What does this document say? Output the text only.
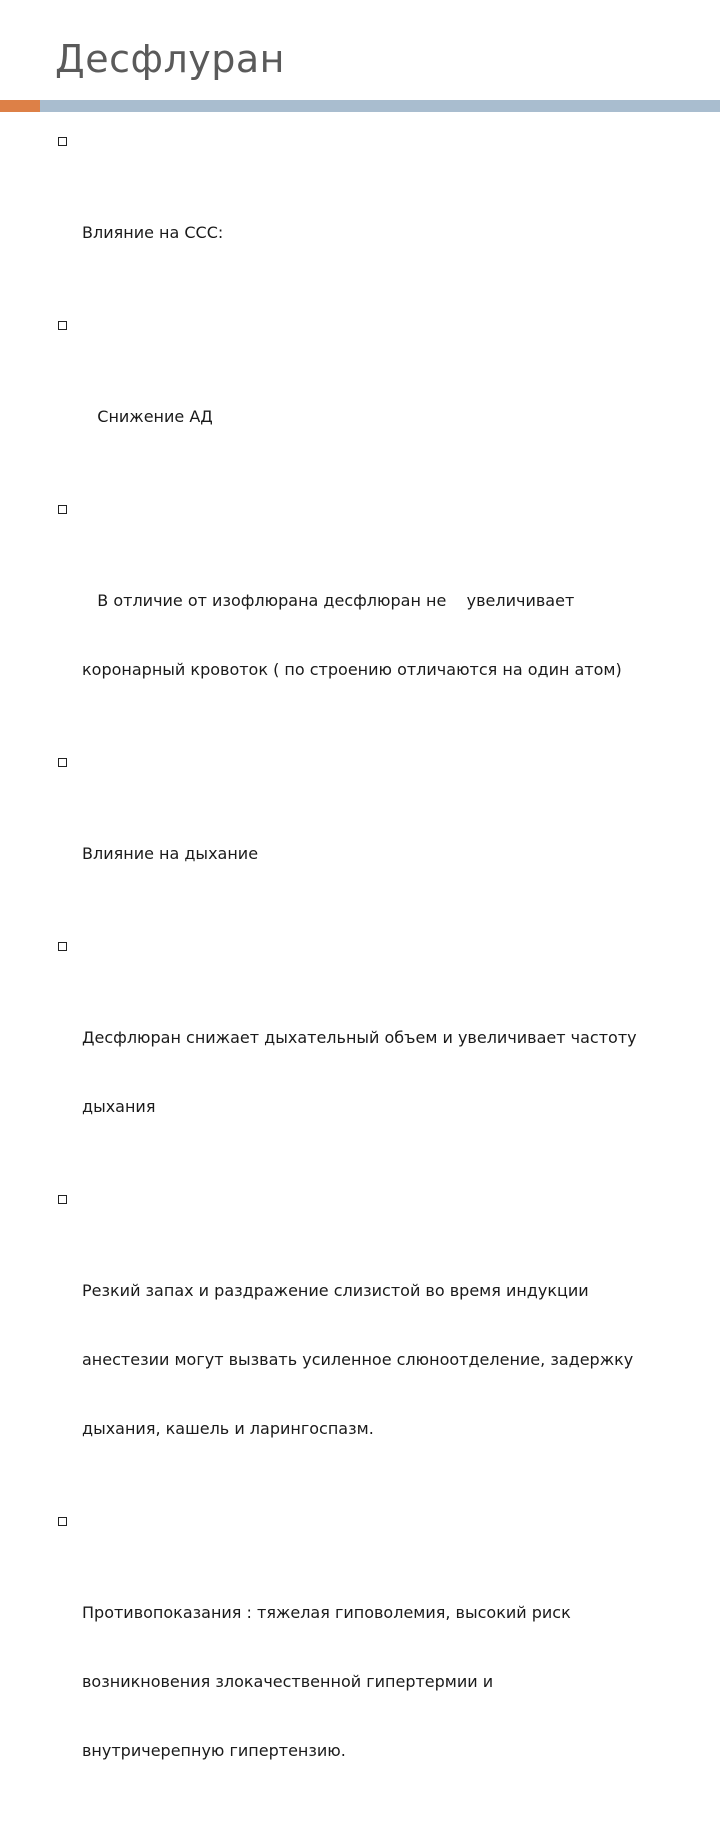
Десфлуран

Влияние на ССС:

Снижение АД

В отличие от изофлюрана десфлюран не    увеличивает

коронарный кровоток ( по строению отличаются на один атом)

Влияние на дыхание

Десфлюран снижает дыхательный объем и увеличивает частоту

дыхания

Резкий запах и раздражение слизистой во время индукции

анестезии могут вызвать усиленное слюноотделение, задержку

дыхания, кашель и ларингоспазм.

Противопоказания : тяжелая гиповолемия, высокий риск

возникновения злокачественной гипертермии и

внутричерепную гипертензию.
